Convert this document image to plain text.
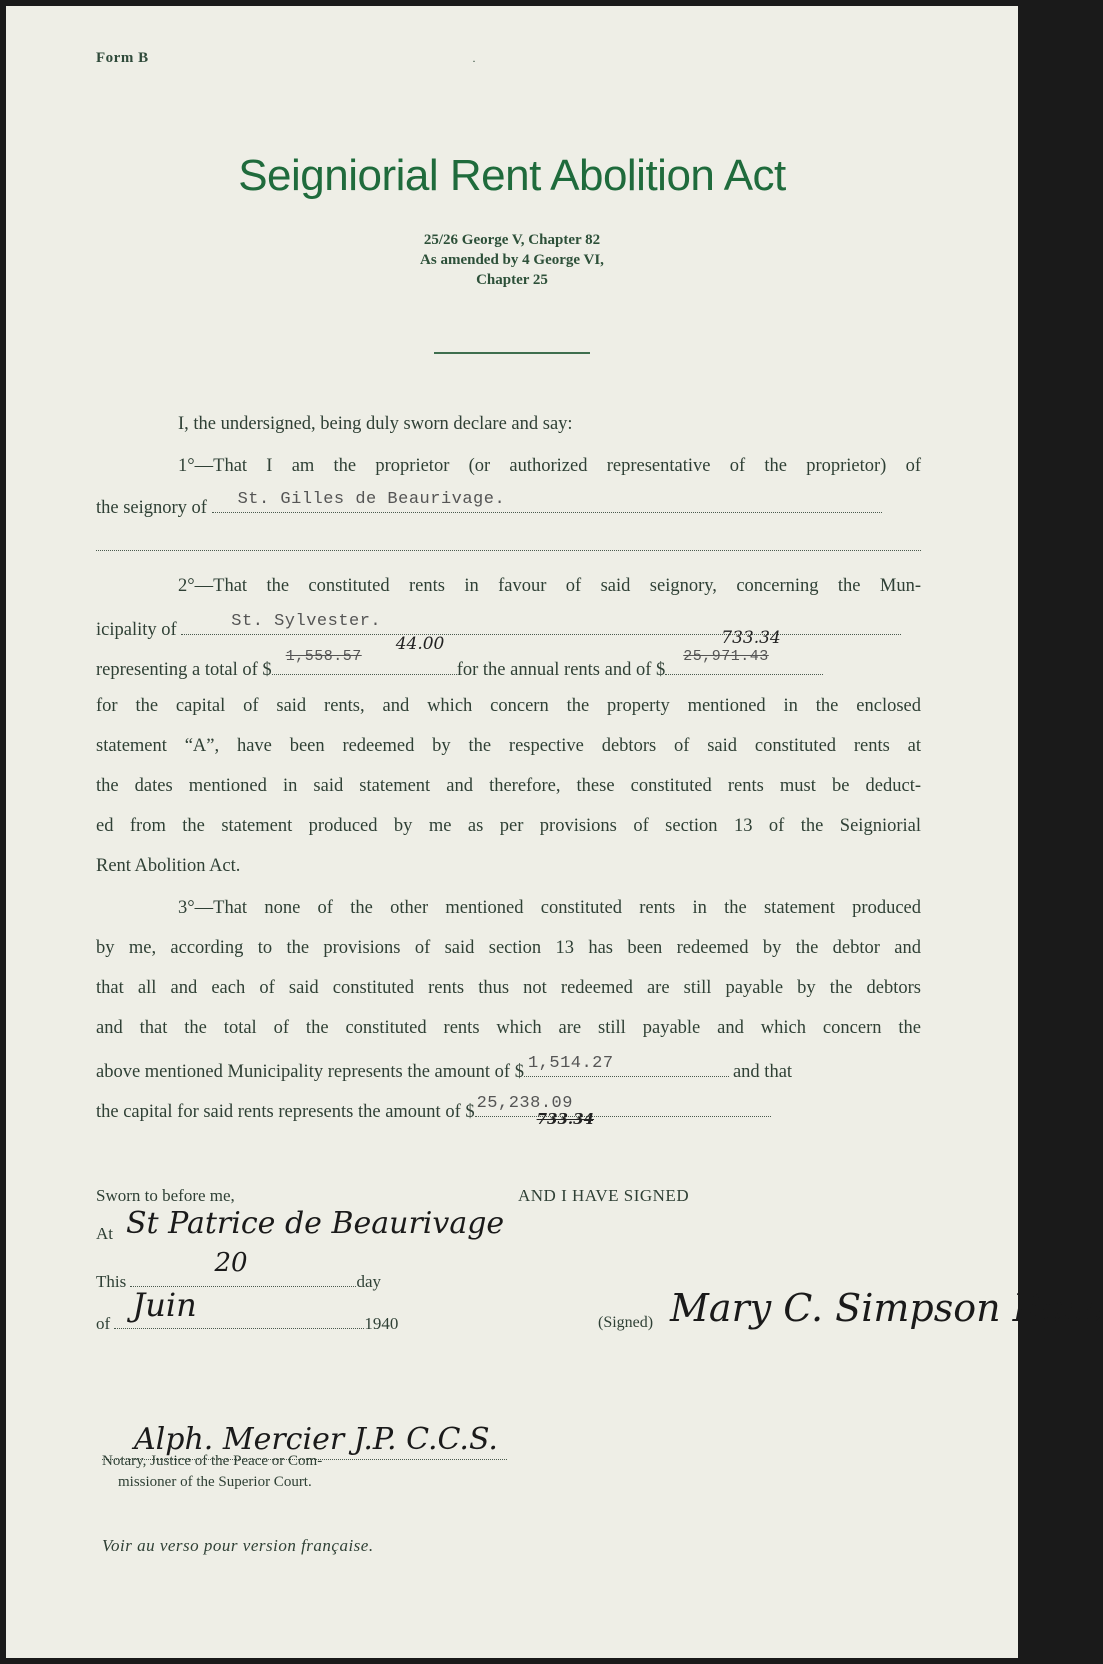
Form B	·
Seigniorial Rent Abolition Act
25/26 George V, Chapter 82
As amended by 4 George VI,
Chapter 25
I, the undersigned, being duly sworn declare and say:
1°—That I am the proprietor (or authorized representative of the proprietor) of
the seignory of St. Gilles de Beaurivage.
2°—That the constituted rents in favour of said seignory, concerning the Mun-
icipality of	St. Sylvester.
representing a total of $
1,558.57
44.00
for the annual rents and of $
25,971.43
733.34
for the capital of said rents, and which concern the property mentioned in the enclosed
statement “A”, have been redeemed by the respective debtors of said constituted rents at
the dates mentioned in said statement and therefore, these constituted rents must be deduct-
ed from the statement produced by me as per provisions of section 13 of the Seigniorial
Rent Abolition Act.
3°—That none of the other mentioned constituted rents in the statement produced
by me, according to the provisions of said section 13 has been redeemed by the debtor and
that all and each of said constituted rents thus not redeemed are still payable by the debtors
and that the total of the constituted rents which are still payable and which concern the
above mentioned Municipality represents the amount of $ 1,514.27	and that
the capital for said rents represents the amount of $ 25,238.09
733.34
Sworn to before me,
At St Patrice de Beaurivage
This
20
day
of Juin	1940
Alph. Mercier J.P. C.C.S.
Notary, Justice of the Peace or Com-
missioner of the Superior Court.
AND I HAVE SIGNED
(Signed) Mary C. Simpson Ross
Voir au verso pour version française.
